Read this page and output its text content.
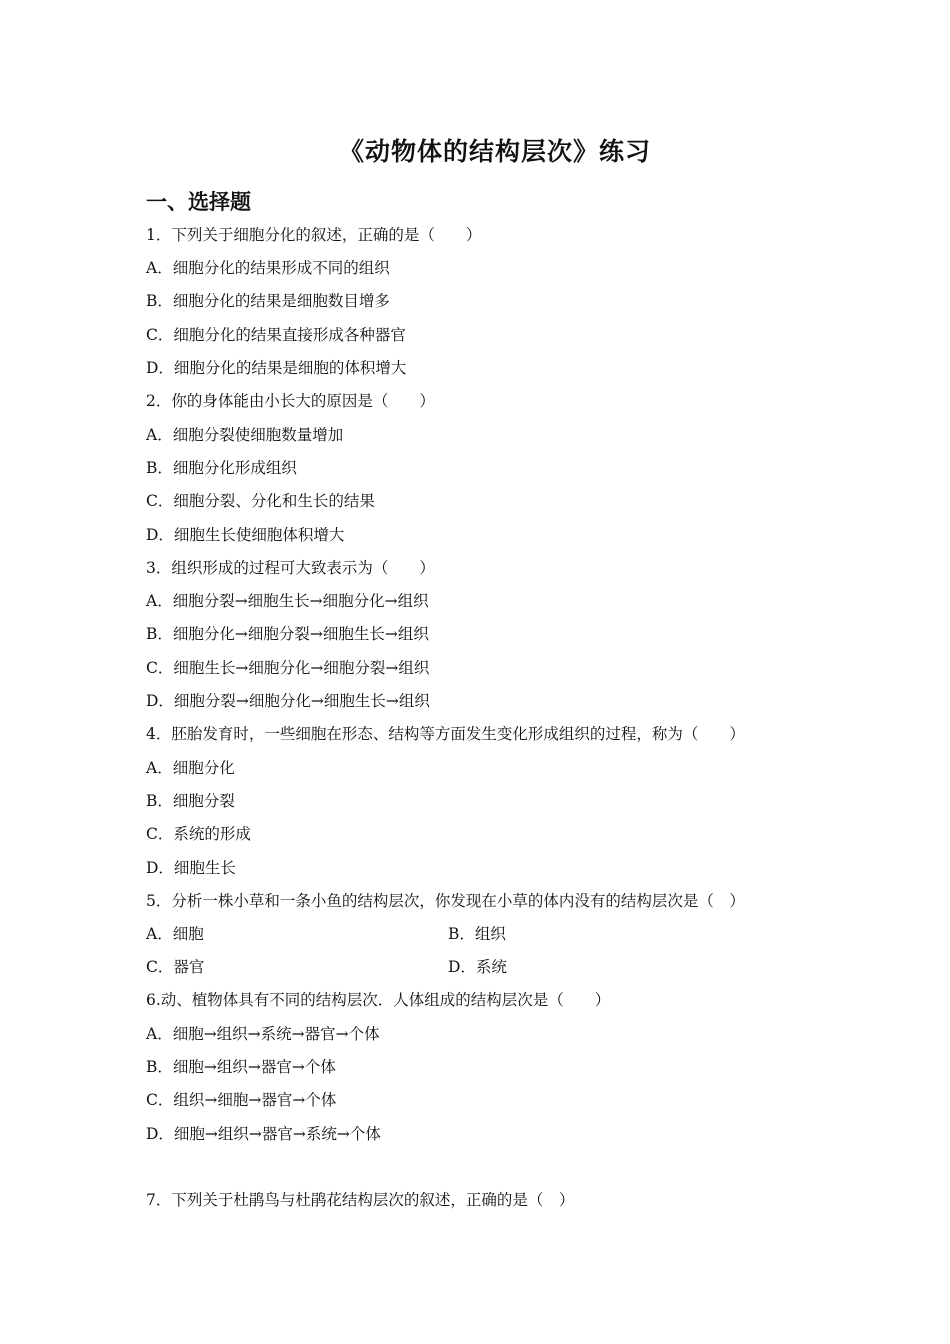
《动物体的结构层次》练习
一、选择题
1．下列关于细胞分化的叙述，正确的是（　　）
A．细胞分化的结果形成不同的组织
B．细胞分化的结果是细胞数目增多
C．细胞分化的结果直接形成各种器官
D．细胞分化的结果是细胞的体积增大
2．你的身体能由小长大的原因是（　　）
A．细胞分裂使细胞数量增加
B．细胞分化形成组织
C．细胞分裂、分化和生长的结果
D．细胞生长使细胞体积增大
3．组织形成的过程可大致表示为（　　）
A．细胞分裂→细胞生长→细胞分化→组织
B．细胞分化→细胞分裂→细胞生长→组织
C．细胞生长→细胞分化→细胞分裂→组织
D．细胞分裂→细胞分化→细胞生长→组织
4．胚胎发育时，一些细胞在形态、结构等方面发生变化形成组织的过程，称为（　　）
A．细胞分化
B．细胞分裂
C．系统的形成
D．细胞生长
5．分析一株小草和一条小鱼的结构层次，你发现在小草的体内没有的结构层次是（　）
A．细胞	B．组织
C．器官	D．系统
6.动、植物体具有不同的结构层次．人体组成的结构层次是（　　）
A．细胞→组织→系统→器官→个体
B．细胞→组织→器官→个体
C．组织→细胞→器官→个体
D．细胞→组织→器官→系统→个体
7．下列关于杜鹃鸟与杜鹃花结构层次的叙述，正确的是（　）
